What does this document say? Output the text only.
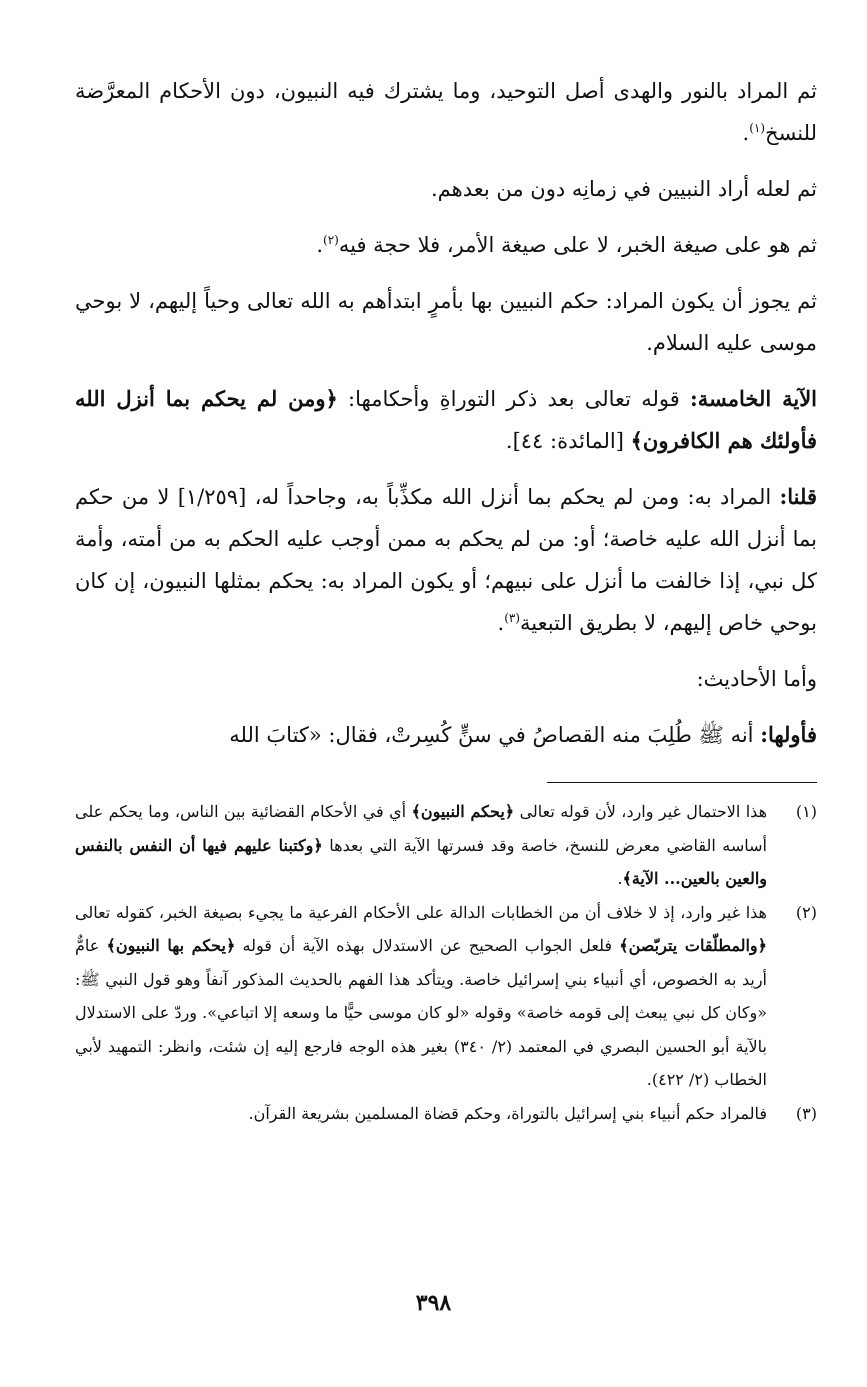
ثم المراد بالنور والهدى أصل التوحيد، وما يشترك فيه النبيون، دون الأحكام المعرَّضة للنسخ$^{(١)}$.

ثم لعله أراد النبيين في زمانِه دون من بعدهم.

ثم هو على صيغة الخبر، لا على صيغة الأمر، فلا حجة فيه$^{(٢)}$.

ثم يجوز أن يكون المراد: حكم النبيين بها بأمرٍ ابتدأهم به الله تعالى وحياً إليهم، لا بوحي موسى عليه السلام.

الآية الخامسة: قوله تعالى بعد ذكر التوراةِ وأحكامها: ﴿ومن لم يحكم بما أنزل الله فأولئك هم الكافرون﴾ [المائدة: ٤٤].

قلنا: المراد به: ومن لم يحكم بما أنزل الله مكذِّباً به، وجاحداً له، [١/٢٥٩] لا من حكم بما أنزل الله عليه خاصة؛ أو: من لم يحكم به ممن أوجب عليه الحكم به من أمته، وأمة كل نبي، إذا خالفت ما أنزل على نبيهم؛ أو يكون المراد به: يحكم بمثلها النبيون، إن كان بوحي خاص إليهم، لا بطريق التبعية$^{(٣)}$.

وأما الأحاديث:

فأولها: أنه ﷺ طُلِبَ منه القصاصُ في سنٍّ كُسِرتْ، فقال: «كتابَ الله

(١)
هذا الاحتمال غير وارد، لأن قوله تعالى ﴿يحكم النبيون﴾ أي في الأحكام القضائية بين الناس، وما يحكم على أساسه القاضي معرض للنسخ، خاصة وقد فسرتها الآية التي بعدها ﴿وكتبنا عليهم فيها أن النفس بالنفس والعين بالعين... الآية﴾.
(٢)
هذا غير وارد، إذ لا خلاف أن من الخطابات الدالة على الأحكام الفرعية ما يجيء بصيغة الخبر، كقوله تعالى ﴿والمطلّقات يتربّصن﴾ فلعل الجواب الصحيح عن الاستدلال بهذه الآية أن قوله ﴿يحكم بها النبيون﴾ عامٌّ أريد به الخصوص، أي أنبياء بني إسرائيل خاصة. ويتأكد هذا الفهم بالحديث المذكور آنفاً وهو قول النبي ﷺ: «وكان كل نبي يبعث إلى قومه خاصة» وقوله «لو كان موسى حيًّا ما وسعه إلا اتباعي». وردّ على الاستدلال بالآية أبو الحسين البصري في المعتمد (٢/ ٣٤٠) بغير هذه الوجه فارجع إليه إن شئت، وانظر: التمهيد لأبي الخطاب (٢/ ٤٢٢).
(٣)
فالمراد حكم أنبياء بني إسرائيل بالتوراة، وحكم قضاة المسلمين بشريعة القرآن.
٣٩٨
